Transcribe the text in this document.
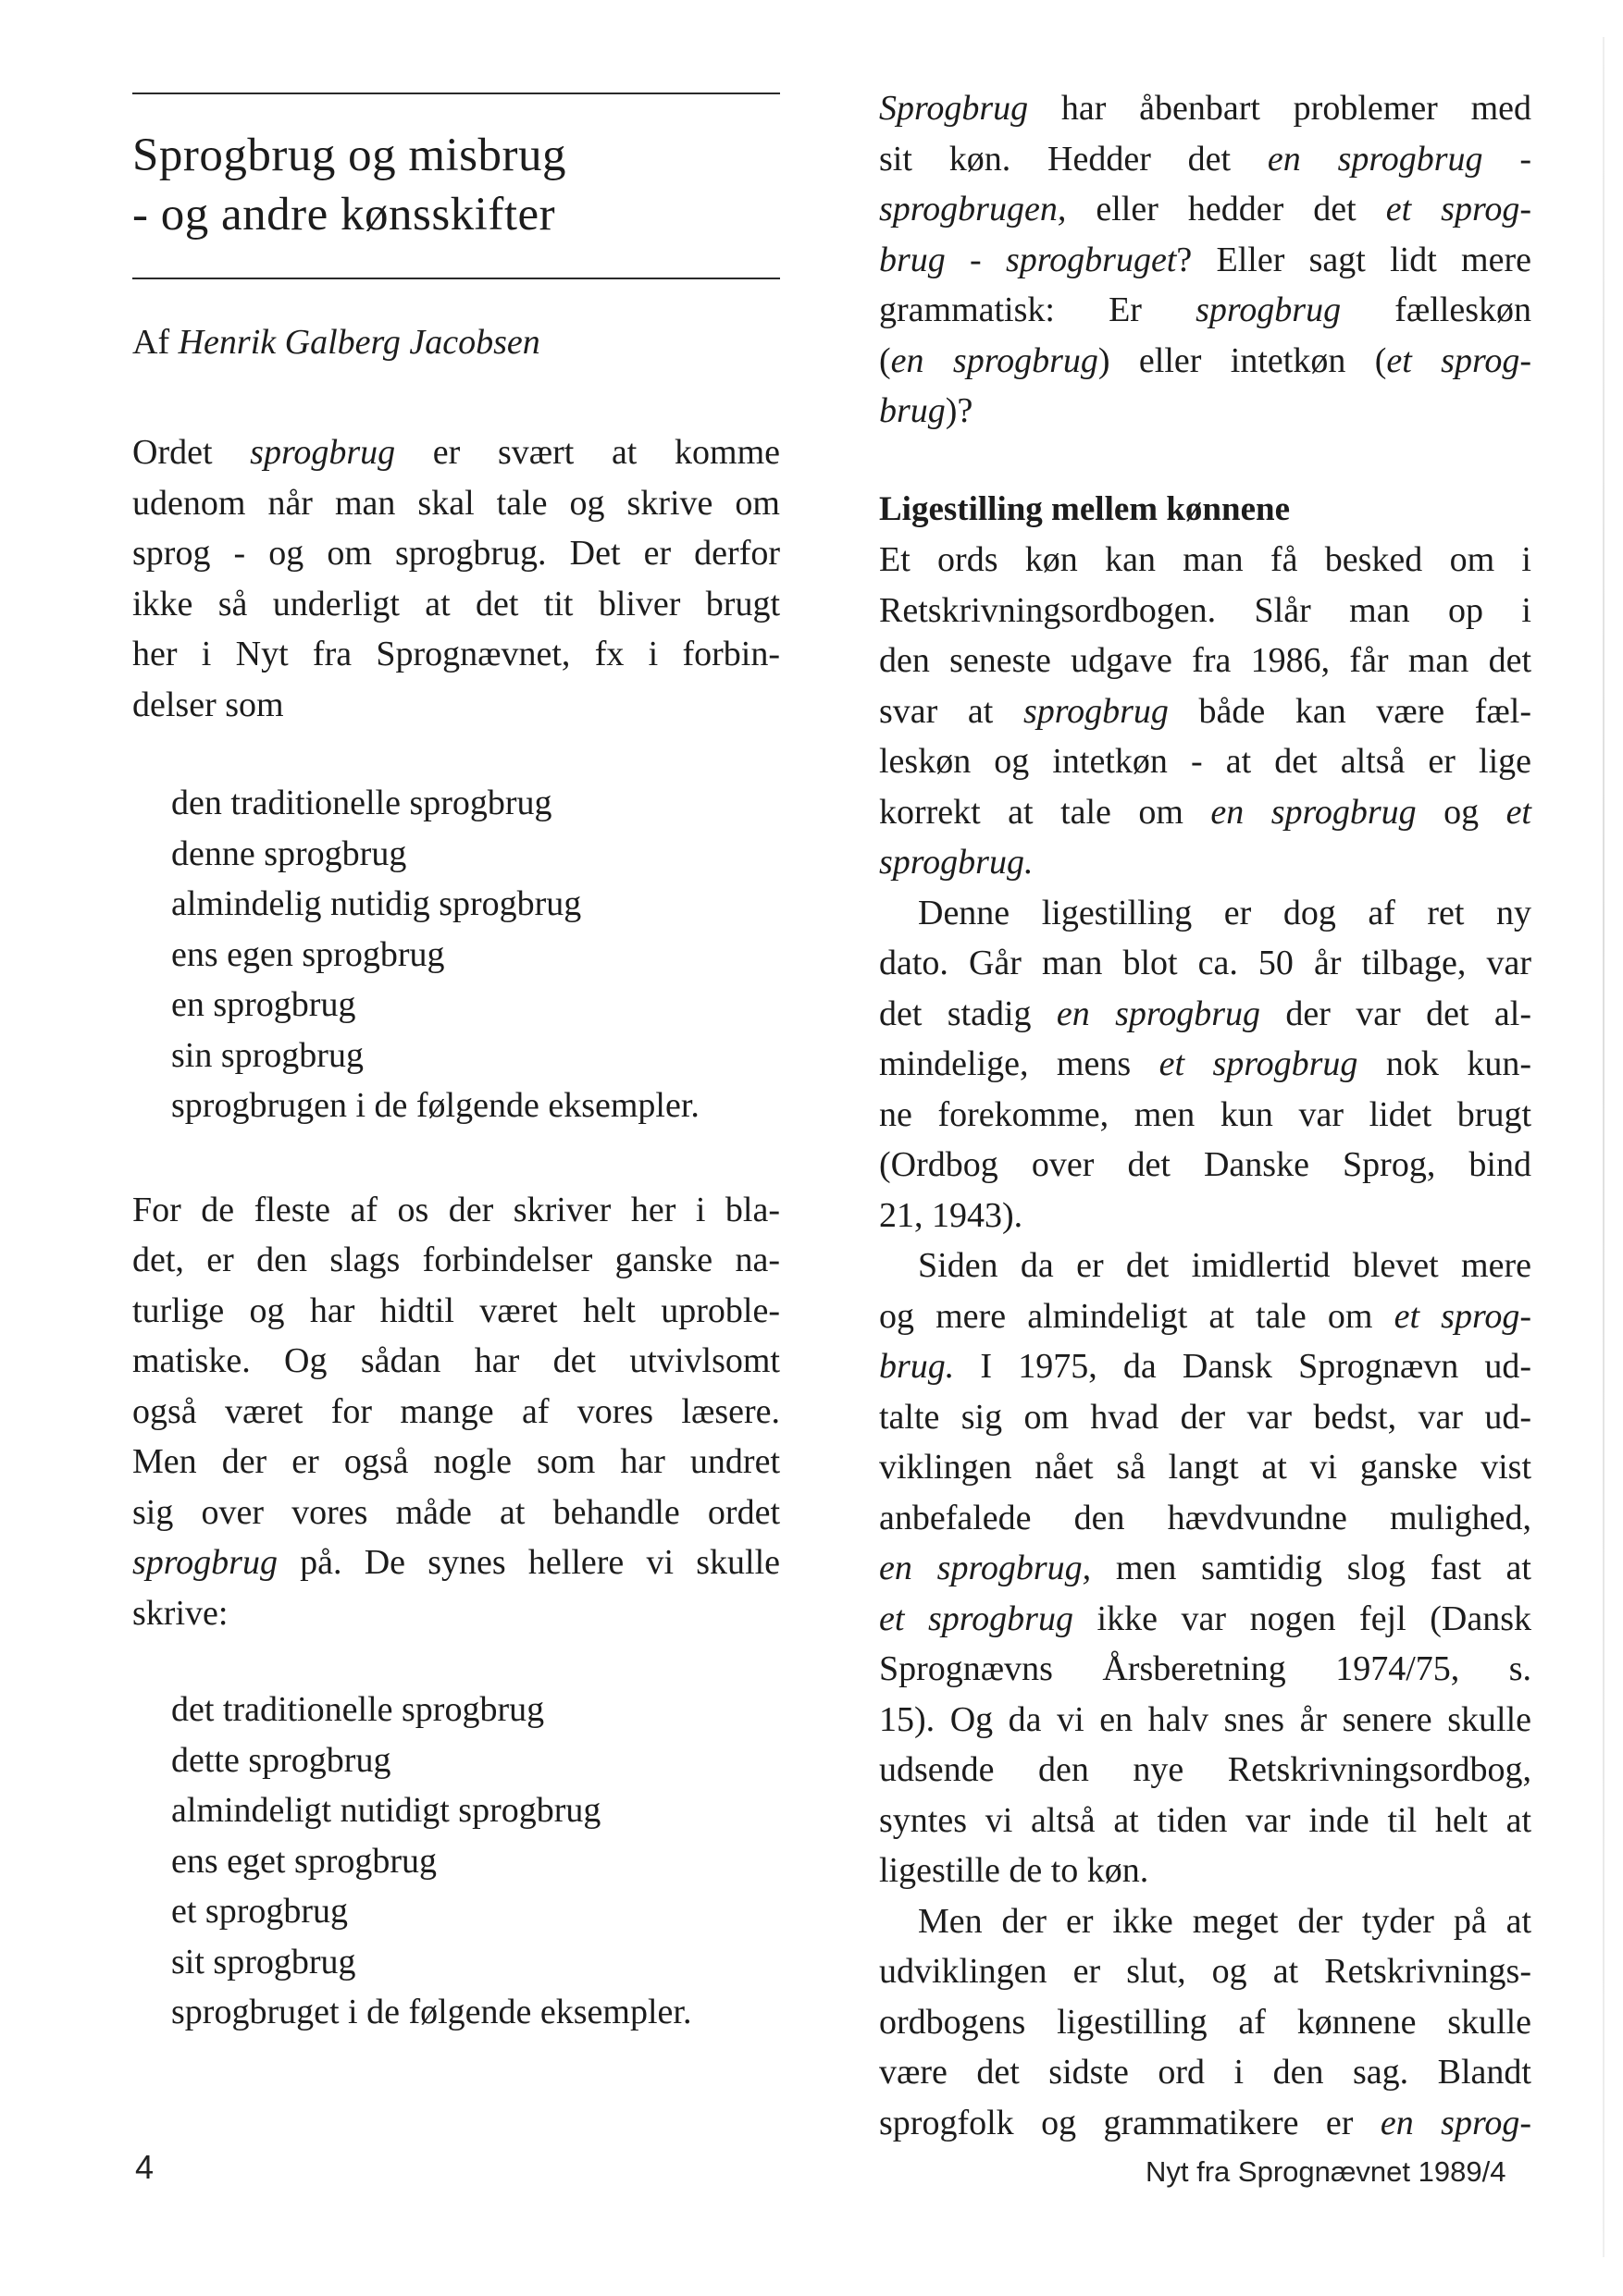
Sprogbrug og misbrug
- og andre kønsskifter
Af Henrik Galberg Jacobsen
Ordet sprogbrug er svært at komme
udenom når man skal tale og skrive om
sprog - og om sprogbrug. Det er derfor
ikke så underligt at det tit bliver brugt
her i Nyt fra Sprognævnet, fx i forbin-
delser som
den traditionelle sprogbrug
denne sprogbrug
almindelig nutidig sprogbrug
ens egen sprogbrug
en sprogbrug
sin sprogbrug
sprogbrugen i de følgende eksempler.
For de fleste af os der skriver her i bla-
det, er den slags forbindelser ganske na-
turlige og har hidtil været helt uproble-
matiske. Og sådan har det utvivlsomt
også været for mange af vores læsere.
Men der er også nogle som har undret
sig over vores måde at behandle ordet
sprogbrug på. De synes hellere vi skulle
skrive:
det traditionelle sprogbrug
dette sprogbrug
almindeligt nutidigt sprogbrug
ens eget sprogbrug
et sprogbrug
sit sprogbrug
sprogbruget i de følgende eksempler.
Sprogbrug har åbenbart problemer med
sit køn. Hedder det en sprogbrug -
sprogbrugen, eller hedder det et sprog-
brug - sprogbruget? Eller sagt lidt mere
grammatisk: Er sprogbrug fælleskøn
(en sprogbrug) eller intetkøn (et sprog-
brug)?
Ligestilling mellem kønnene
Et ords køn kan man få besked om i
Retskrivningsordbogen. Slår man op i
den seneste udgave fra 1986, får man det
svar at sprogbrug både kan være fæl-
leskøn og intetkøn - at det altså er lige
korrekt at tale om en sprogbrug og et
sprogbrug.
Denne ligestilling er dog af ret ny
dato. Går man blot ca. 50 år tilbage, var
det stadig en sprogbrug der var det al-
mindelige, mens et sprogbrug nok kun-
ne forekomme, men kun var lidet brugt
(Ordbog over det Danske Sprog, bind
21, 1943).
Siden da er det imidlertid blevet mere
og mere almindeligt at tale om et sprog-
brug. I 1975, da Dansk Sprognævn ud-
talte sig om hvad der var bedst, var ud-
viklingen nået så langt at vi ganske vist
anbefalede den hævdvundne mulighed,
en sprogbrug, men samtidig slog fast at
et sprogbrug ikke var nogen fejl (Dansk
Sprognævns Årsberetning 1974/75, s.
15). Og da vi en halv snes år senere skulle
udsende den nye Retskrivningsordbog,
syntes vi altså at tiden var inde til helt at
ligestille de to køn.
Men der er ikke meget der tyder på at
udviklingen er slut, og at Retskrivnings-
ordbogens ligestilling af kønnene skulle
være det sidste ord i den sag. Blandt
sprogfolk og grammatikere er en sprog-
4	Nyt fra Sprognævnet 1989/4
